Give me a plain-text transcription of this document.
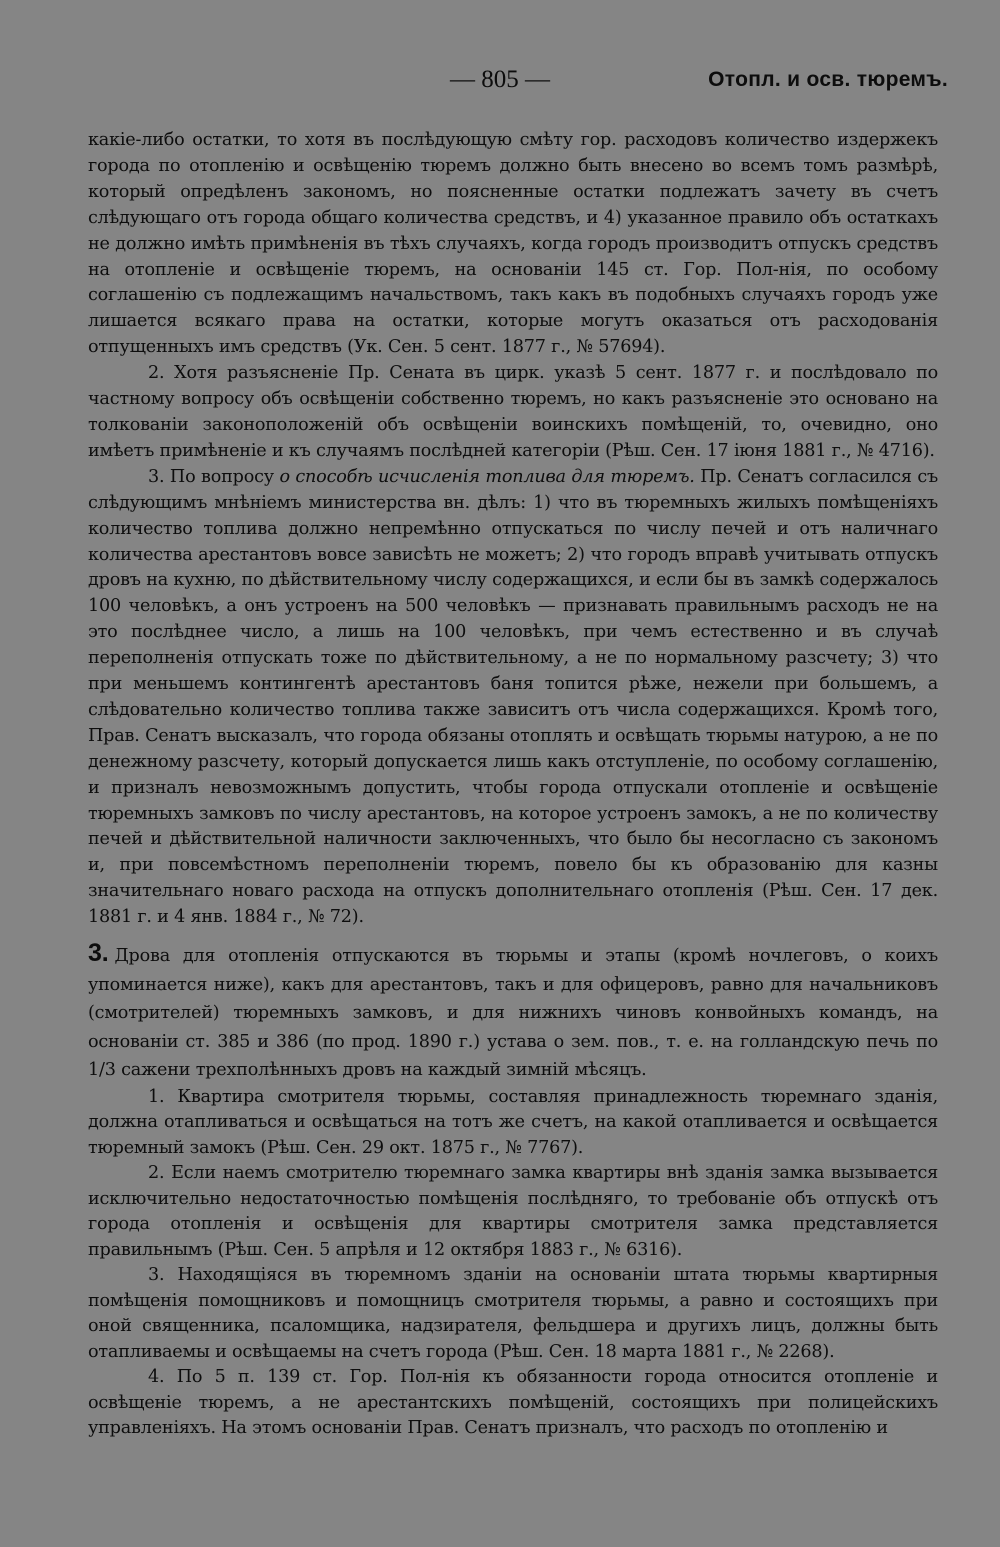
— 805 —	Отопл. и осв. тюремъ.

какіе-либо остатки, то хотя въ послѣдующую смѣту гор. расходовъ количество издержекъ города по отопленію и освѣщенію тюремъ должно быть внесено во всемъ томъ размѣрѣ, который опредѣленъ закономъ, но поясненные остатки подлежатъ зачету въ счетъ слѣдующаго отъ города общаго количества средствъ, и 4) указанное правило объ остаткахъ не должно имѣть примѣненія въ тѣхъ случаяхъ, когда городъ производитъ отпускъ средствъ на отопленіе и освѣщеніе тюремъ, на основаніи 145 ст. Гор. Пол-нія, по особому соглашенію съ подлежащимъ начальствомъ, такъ какъ въ подобныхъ случаяхъ городъ уже лишается всякаго права на остатки, которые могутъ оказаться отъ расходованія отпущенныхъ имъ средствъ (Ук. Сен. 5 сент. 1877 г., № 57694).

2. Хотя разъясненіе Пр. Сената въ цирк. указѣ 5 сент. 1877 г. и послѣдовало по частному вопросу объ освѣщеніи собственно тюремъ, но какъ разъясненіе это основано на толкованіи законоположеній объ освѣщеніи воинскихъ помѣщеній, то, очевидно, оно имѣетъ примѣненіе и къ случаямъ послѣдней категоріи (Рѣш. Сен. 17 іюня 1881 г., № 4716).

3. По вопросу о способѣ исчисленія топлива для тюремъ. Пр. Сенатъ согласился съ слѣдующимъ мнѣніемъ министерства вн. дѣлъ: 1) что въ тюремныхъ жилыхъ помѣщеніяхъ количество топлива должно непремѣнно отпускаться по числу печей и отъ наличнаго количества арестантовъ вовсе зависѣть не можетъ; 2) что городъ вправѣ учитывать отпускъ дровъ на кухню, по дѣйствительному числу содержащихся, и если бы въ замкѣ содержалось 100 человѣкъ, а онъ устроенъ на 500 человѣкъ — признавать правильнымъ расходъ не на это послѣднее число, а лишь на 100 человѣкъ, при чемъ естественно и въ случаѣ переполненія отпускать тоже по дѣйствительному, а не по нормальному разсчету; 3) что при меньшемъ контингентѣ арестантовъ баня топится рѣже, нежели при большемъ, а слѣдовательно количество топлива также зависитъ отъ числа содержащихся. Кромѣ того, Прав. Сенатъ высказалъ, что города обязаны отоплять и освѣщать тюрьмы натурою, а не по денежному разсчету, который допускается лишь какъ отступленіе, по особому соглашенію, и призналъ невозможнымъ допустить, чтобы города отпускали отопленіе и освѣщеніе тюремныхъ замковъ по числу арестантовъ, на которое устроенъ замокъ, а не по количеству печей и дѣйствительной наличности заключенныхъ, что было бы несогласно съ закономъ и, при повсемѣстномъ переполненіи тюремъ, повело бы къ образованію для казны значительнаго новаго расхода на отпускъ дополнительнаго отопленія (Рѣш. Сен. 17 дек. 1881 г. и 4 янв. 1884 г., № 72).

3. Дрова для отопленія отпускаются въ тюрьмы и этапы (кромѣ ночлеговъ, о коихъ упоминается ниже), какъ для арестантовъ, такъ и для офицеровъ, равно для начальниковъ (смотрителей) тюремныхъ замковъ, и для нижнихъ чиновъ конвойныхъ командъ, на основаніи ст. 385 и 386 (по прод. 1890 г.) устава о зем. пов., т. е. на голландскую печь по 1/3 сажени трехполѣнныхъ дровъ на каждый зимній мѣсяцъ.

1. Квартира смотрителя тюрьмы, составляя принадлежность тюремнаго зданія, должна отапливаться и освѣщаться на тотъ же счетъ, на какой отапливается и освѣщается тюремный замокъ (Рѣш. Сен. 29 окт. 1875 г., № 7767).

2. Если наемъ смотрителю тюремнаго замка квартиры внѣ зданія замка вызывается исключительно недостаточностью помѣщенія послѣдняго, то требованіе объ отпускѣ отъ города отопленія и освѣщенія для квартиры смотрителя замка представляется правильнымъ (Рѣш. Сен. 5 апрѣля и 12 октября 1883 г., № 6316).

3. Находящіяся въ тюремномъ зданіи на основаніи штата тюрьмы квартирныя помѣщенія помощниковъ и помощницъ смотрителя тюрьмы, а равно и состоящихъ при оной священника, псаломщика, надзирателя, фельдшера и другихъ лицъ, должны быть отапливаемы и освѣщаемы на счетъ города (Рѣш. Сен. 18 марта 1881 г., № 2268).

4. По 5 п. 139 ст. Гор. Пол-нія къ обязанности города относится отопленіе и освѣщеніе тюремъ, а не арестантскихъ помѣщеній, состоящихъ при полицейскихъ управленіяхъ. На этомъ основаніи Прав. Сенатъ призналъ, что расходъ по отопленію и
